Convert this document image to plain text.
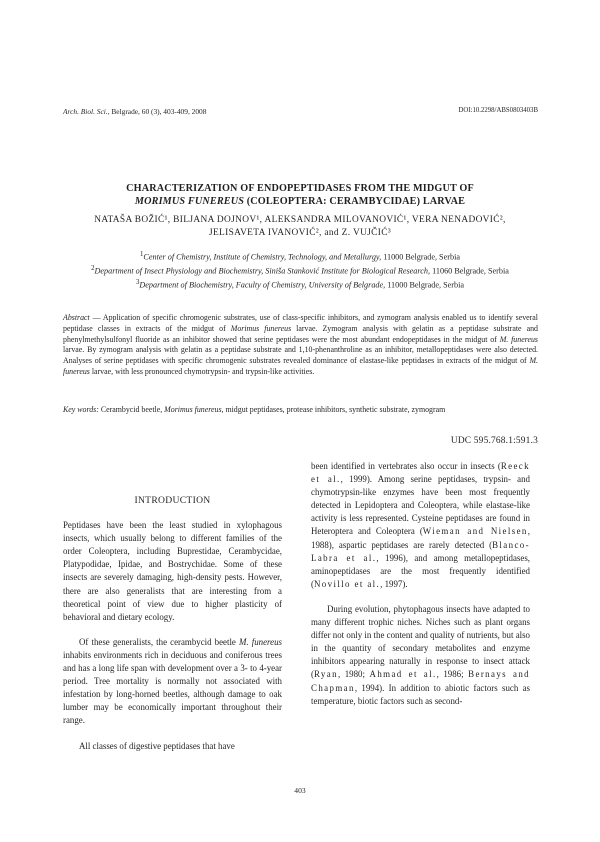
Arch. Biol. Sci., Belgrade, 60 (3), 403-409, 2008	DOI:10.2298/ABS0803403B
CHARACTERIZATION OF ENDOPEPTIDASES FROM THE MIDGUT OF
MORIMUS FUNEREUS (COLEOPTERA: CERAMBYCIDAE) LARVAE
NATAŠA BOŽIĆ¹, BILJANA DOJNOV¹, ALEKSANDRA MILOVANOVIĆ¹, VERA NENADOVIĆ²,
JELISAVETA IVANOVIĆ², and Z. VUJČIĆ³
$^1$Center of Chemistry, Institute of Chemistry, Technology, and Metallurgy, 11000 Belgrade, Serbia
$^2$Department of Insect Physiology and Biochemistry, Siniša Stanković Institute for Biological Research, 11060 Belgrade, Serbia
$^3$Department of Biochemistry, Faculty of Chemistry, University of Belgrade, 11000 Belgrade, Serbia
Abstract — Application of specific chromogenic substrates, use of class-specific inhibitors, and zymogram analysis enabled us to identify several peptidase classes in extracts of the midgut of Morimus funereus larvae. Zymogram analysis with gelatin as a peptidase substrate and phenylmethylsulfonyl fluoride as an inhibitor showed that serine peptidases were the most abundant endopeptidases in the midgut of M. funereus larvae. By zymogram analysis with gelatin as a peptidase substrate and 1,10-phenanthroline as an inhibitor, metallopeptidases were also detected. Analyses of serine peptidases with specific chromogenic substrates revealed dominance of elastase-like peptidases in extracts of the midgut of M. funereus larvae, with less pronounced chymotrypsin- and trypsin-like activities.
Key words: Cerambycid beetle, Morimus funereus, midgut peptidases, protease inhibitors, synthetic substrate, zymogram
UDC 595.768.1:591.3
INTRODUCTION

Peptidases have been the least studied in xylophagous insects, which usually belong to different families of the order Coleoptera, including Buprestidae, Cerambycidae, Platypodidae, Ipidae, and Bostrychidae. Some of these insects are severely damaging, high-density pests. However, there are also generalists that are interesting from a theoretical point of view due to higher plasticity of behavioral and dietary ecology.

Of these generalists, the cerambycid beetle M. funereus inhabits environments rich in deciduous and coniferous trees and has a long life span with development over a 3- to 4-year period. Tree mortality is normally not associated with infestation by long-horned beetles, although damage to oak lumber may be economically important throughout their range.

All classes of digestive peptidases that have

been identified in vertebrates also occur in insects (Reeck et al., 1999). Among serine peptidases, trypsin- and chymotrypsin-like enzymes have been most frequently detected in Lepidoptera and Coleoptera, while elastase-like activity is less represented. Cysteine peptidases are found in Heteroptera and Coleoptera (Wieman and Nielsen, 1988), aspartic peptidases are rarely detected (Blanco-Labra et al., 1996), and among metallopeptidases, aminopeptidases are the most frequently identified (Novillo et al., 1997).

During evolution, phytophagous insects have adapted to many different trophic niches. Niches such as plant organs differ not only in the content and quality of nutrients, but also in the quantity of secondary metabolites and enzyme inhibitors appearing naturally in response to insect attack (Ryan, 1980; Ahmad et al., 1986; Bernays and Chapman, 1994). In addition to abiotic factors such as temperature, biotic factors such as second-

403
